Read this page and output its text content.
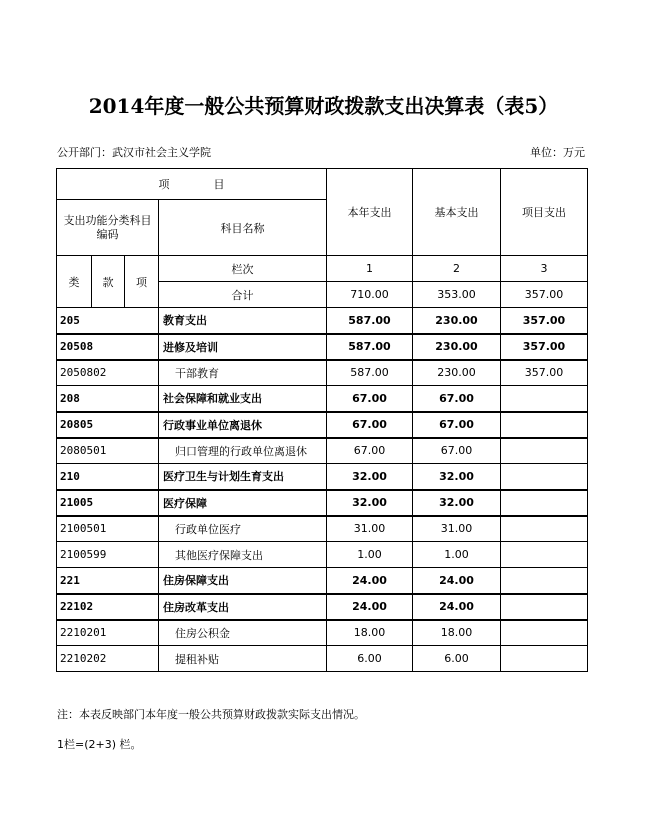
2014年度一般公共预算财政拨款支出决算表（表5）
公开部门：武汉市社会主义学院	单位：万元
项　　　　目				本年支出	基本支出	项目支出
支出功能分类科目编码			科目名称			

类	款	项	栏次	1	2	3
			合计	710.00	353.00	357.00
205			教育支出	587.00	230.00	357.00
20508			进修及培训	587.00	230.00	357.00
2050802			干部教育	587.00	230.00	357.00
208			社会保障和就业支出	67.00	67.00	
20805			行政事业单位离退休	67.00	67.00	
2080501			归口管理的行政单位离退休	67.00	67.00	
210			医疗卫生与计划生育支出	32.00	32.00	
21005			医疗保障	32.00	32.00	
2100501			行政单位医疗	31.00	31.00	
2100599			其他医疗保障支出	1.00	1.00	
221			住房保障支出	24.00	24.00	
22102			住房改革支出	24.00	24.00	
2210201			住房公积金	18.00	18.00	
2210202			提租补贴	6.00	6.00	
注：本表反映部门本年度一般公共预算财政拨款实际支出情况。
1栏=(2+3) 栏。
